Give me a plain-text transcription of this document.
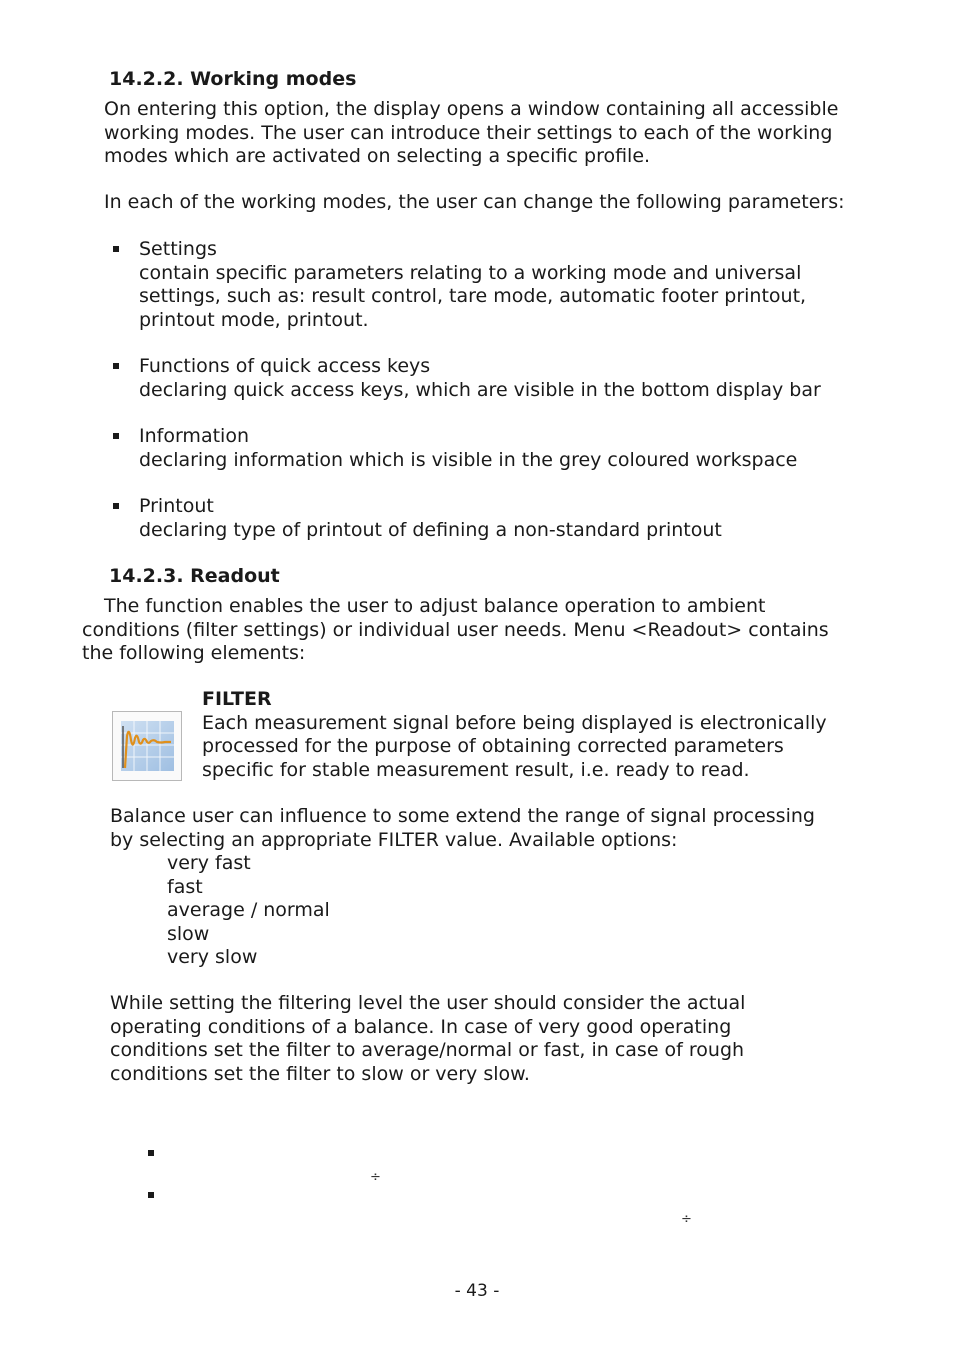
14.2.2. Working modes
On entering this option, the display opens a window containing all accessible
working modes. The user can introduce their settings to each of the working
modes which are activated on selecting a specific profile.
In each of the working modes, the user can change the following parameters:
Settings
contain specific parameters relating to a working mode and universal
settings, such as: result control, tare mode, automatic footer printout,
printout mode, printout.
Functions of quick access keys
declaring quick access keys, which are visible in the bottom display bar
Information
declaring information which is visible in the grey coloured workspace
Printout
declaring type of printout of defining a non-standard printout
14.2.3. Readout
The function enables the user to adjust balance operation to ambient
conditions (filter settings) or individual user needs. Menu <Readout> contains
the following elements:
FILTER
Each measurement signal before being displayed is electronically
processed for the purpose of obtaining corrected parameters
specific for stable measurement result, i.e. ready to read.
Balance user can influence to some extend the range of signal processing
by selecting an appropriate FILTER value. Available options:
very fast
fast
average / normal
slow
very slow
While setting the filtering level the user should consider the actual
operating conditions of a balance. In case of very good operating
conditions set the filter to average/normal or fast, in case of rough
conditions set the filter to slow or very slow.
÷
÷
- 43 -
